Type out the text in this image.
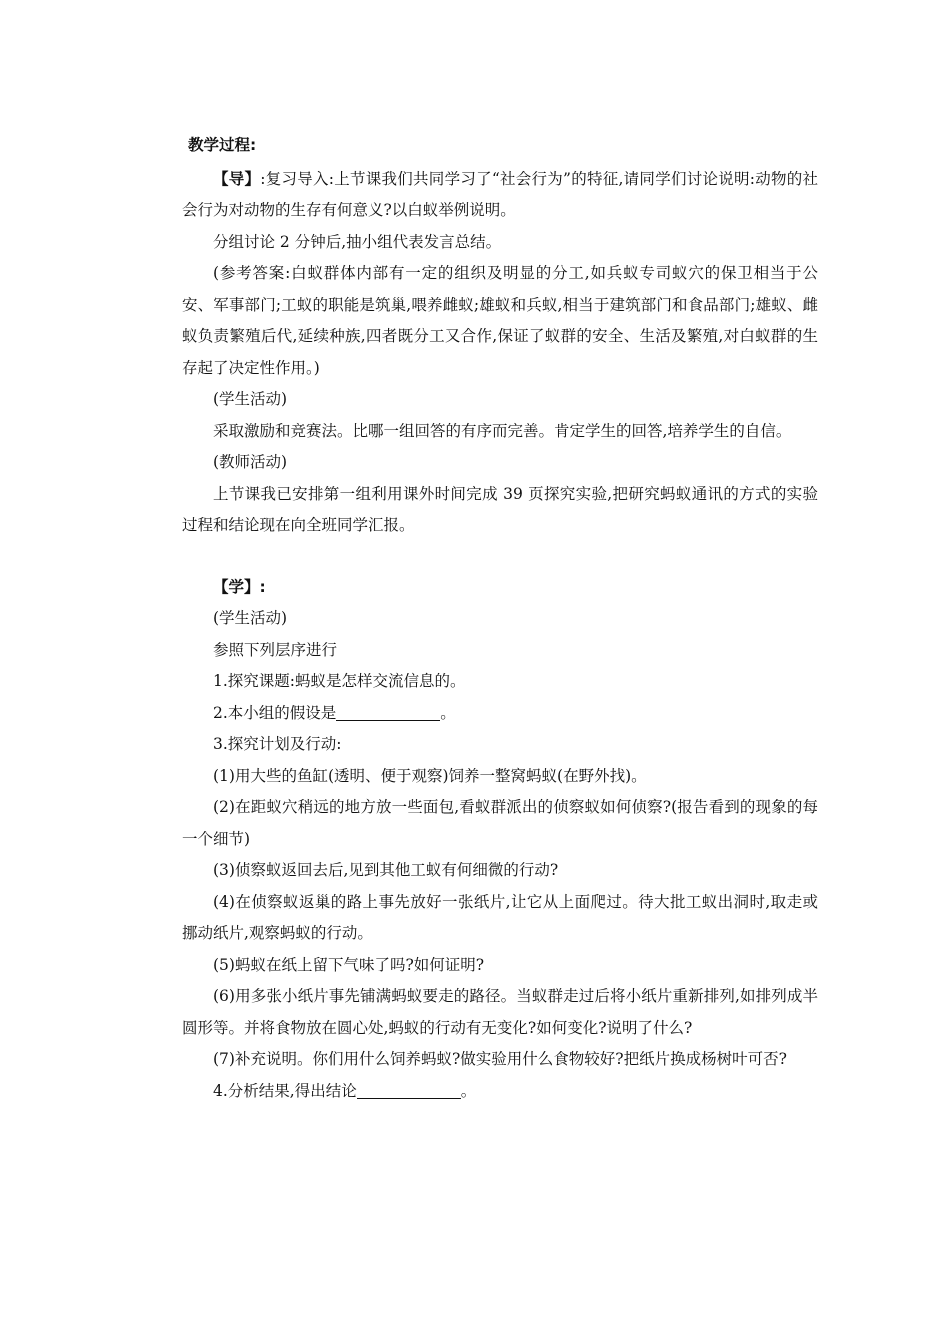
教学过程:

【导】:复习导入:上节课我们共同学习了“社会行为”的特征,请同学们讨论说明:动物的社会行为对动物的生存有何意义?以白蚁举例说明。

分组讨论 2 分钟后,抽小组代表发言总结。

(参考答案:白蚁群体内部有一定的组织及明显的分工,如兵蚁专司蚁穴的保卫相当于公安、军事部门;工蚁的职能是筑巢,喂养雌蚁;雄蚁和兵蚁,相当于建筑部门和食品部门;雄蚁、雌蚁负责繁殖后代,延续种族,四者既分工又合作,保证了蚁群的安全、生活及繁殖,对白蚁群的生存起了决定性作用。)

(学生活动)

采取激励和竞赛法。比哪一组回答的有序而完善。肯定学生的回答,培养学生的自信。

(教师活动)

上节课我已安排第一组利用课外时间完成 39 页探究实验,把研究蚂蚁通讯的方式的实验过程和结论现在向全班同学汇报。

【学】:

(学生活动)

参照下列层序进行

1.探究课题:蚂蚁是怎样交流信息的。

2.本小组的假设是	。

3.探究计划及行动:

(1)用大些的鱼缸(透明、便于观察)饲养一整窝蚂蚁(在野外找)。

(2)在距蚁穴稍远的地方放一些面包,看蚁群派出的侦察蚁如何侦察?(报告看到的现象的每一个细节)

(3)侦察蚁返回去后,见到其他工蚁有何细微的行动?

(4)在侦察蚁返巢的路上事先放好一张纸片,让它从上面爬过。待大批工蚁出洞时,取走或挪动纸片,观察蚂蚁的行动。

(5)蚂蚁在纸上留下气味了吗?如何证明?

(6)用多张小纸片事先铺满蚂蚁要走的路径。当蚁群走过后将小纸片重新排列,如排列成半圆形等。并将食物放在圆心处,蚂蚁的行动有无变化?如何变化?说明了什么?

(7)补充说明。你们用什么饲养蚂蚁?做实验用什么食物较好?把纸片换成杨树叶可否?

4.分析结果,得出结论	。
